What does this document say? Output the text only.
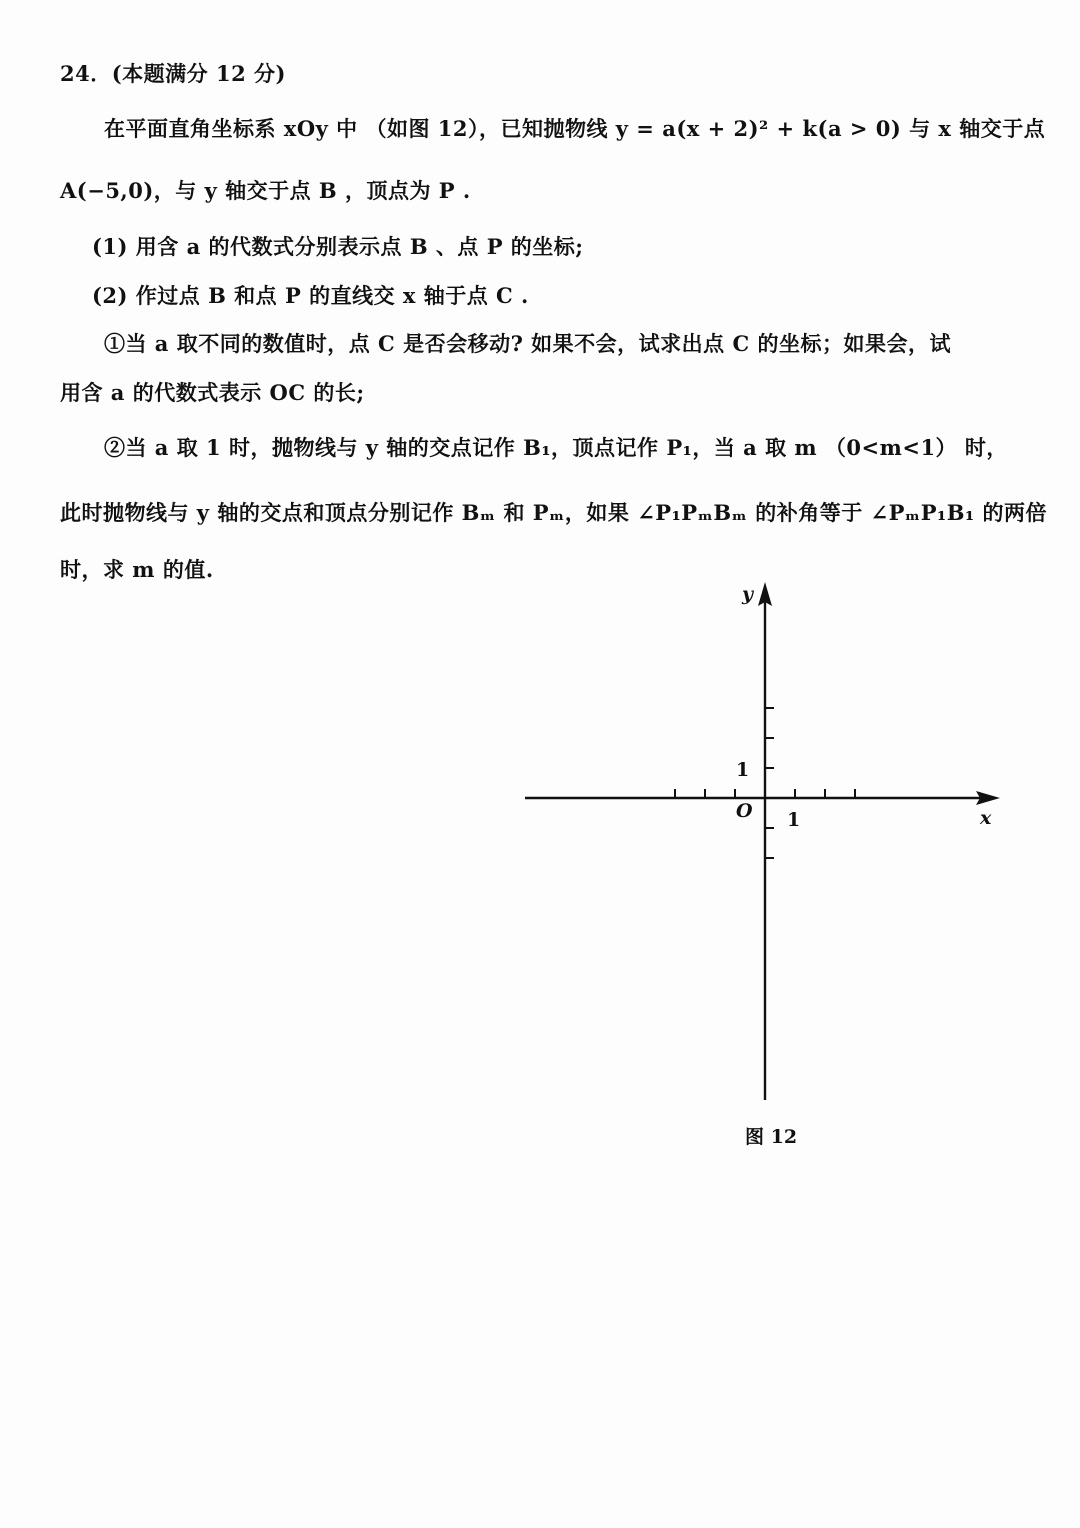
24．(本题满分 12 分)
在平面直角坐标系 xOy 中 （如图 12），已知抛物线 y = a(x + 2)² + k(a > 0) 与 x 轴交于点
A(−5,0)，与 y 轴交于点 B ，顶点为 P .
(1) 用含 a 的代数式分别表示点 B 、点 P 的坐标;
(2) 作过点 B 和点 P 的直线交 x 轴于点 C .
①当 a 取不同的数值时，点 C 是否会移动? 如果不会，试求出点 C 的坐标；如果会，试
用含 a 的代数式表示 OC 的长;
②当 a 取 1 时，抛物线与 y 轴的交点记作 B₁，顶点记作 P₁，当 a 取 m （0<m<1） 时，
此时抛物线与 y 轴的交点和顶点分别记作 Bₘ 和 Pₘ，如果 ∠P₁PₘBₘ 的补角等于 ∠PₘP₁B₁ 的两倍
时，求 m 的值.
y
x
O 1
1
图 12
